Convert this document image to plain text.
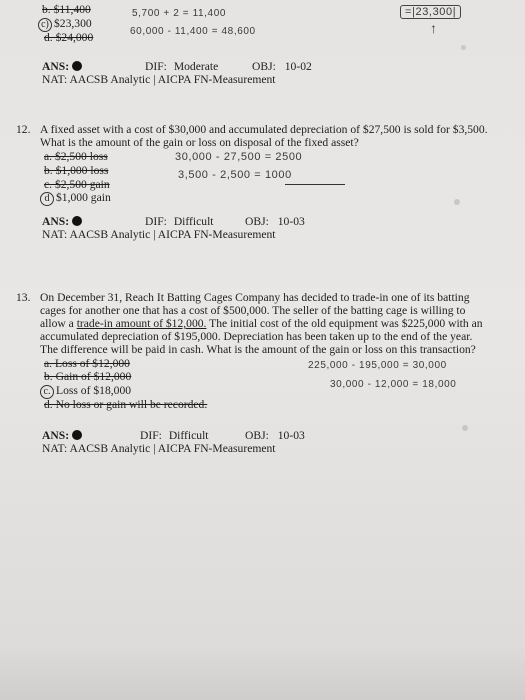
b. $11,400
c) $23,300
d. $24,000
5,700 + 2 = 11,400
60,000 - 11,400 = 48,600
=|23,300|
↑
ANS:	DIF: Moderate	OBJ: 10-02
NAT: AACSB Analytic | AICPA FN-Measurement
12. A fixed asset with a cost of $30,000 and accumulated depreciation of $27,500 is sold for $3,500.
What is the amount of the gain or loss on disposal of the fixed asset?
a. $2,500 loss
b. $1,000 loss
c. $2,500 gain
d $1,000 gain
30,000 - 27,500 = 2500
3,500 - 2,500 = 1000
ANS:	DIF: Difficult	OBJ: 10-03
NAT: AACSB Analytic | AICPA FN-Measurement
13. On December 31, Reach It Batting Cages Company has decided to trade-in one of its batting
cages for another one that has a cost of $500,000. The seller of the batting cage is willing to
allow a trade-in amount of $12,000. The initial cost of the old equipment was $225,000 with an
accumulated depreciation of $195,000. Depreciation has been taken up to the end of the year.
The difference will be paid in cash. What is the amount of the gain or loss on this transaction?
a. Loss of $12,000
b. Gain of $12,000
c. Loss of $18,000
d. No loss or gain will be recorded.
225,000 - 195,000 = 30,000
30,000 - 12,000 = 18,000
ANS:	DIF: Difficult	OBJ: 10-03
NAT: AACSB Analytic | AICPA FN-Measurement
